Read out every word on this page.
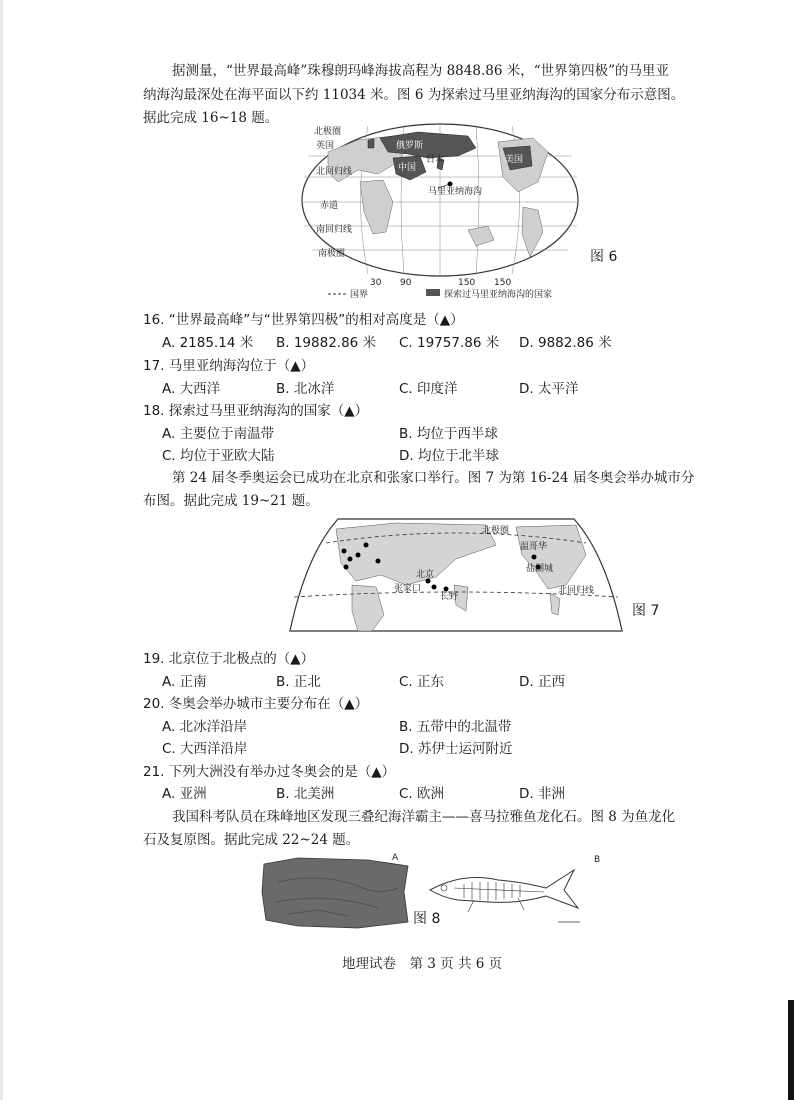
据测量，“世界最高峰”珠穆朗玛峰海拔高程为 8848.86 米，“世界第四极”的马里亚
纳海沟最深处在海平面以下约 11034 米。图 6 为探索过马里亚纳海沟的国家分布示意图。
据此完成 16~18 题。
北极圈
英国	俄罗斯
中国
日本	美国
北回归线
赤道
南回归线
南极圈
马里亚纳海沟
30 90	150 150
国界	探索过马里亚纳海沟的国家
图 6
16. “世界最高峰”与“世界第四极”的相对高度是（▲）
A. 2185.14 米 B. 19882.86 米 C. 19757.86 米 D. 9882.86 米
17. 马里亚纳海沟位于（▲）
A. 大西洋	B. 北冰洋	C. 印度洋	D. 太平洋
18. 探索过马里亚纳海沟的国家（▲）
A. 主要位于南温带	B. 均位于西半球
C. 均位于亚欧大陆	D. 均位于北半球
第 24 届冬季奥运会已成功在北京和张家口举行。图 7 为第 16-24 届冬奥会举办城市分
布图。据此完成 19~21 题。
北极圈
温哥华
盐湖城
北京
张家口
长野
北回归线
图 7
19. 北京位于北极点的（▲）
A. 正南	B. 正北	C. 正东	D. 正西
20. 冬奥会举办城市主要分布在（▲）
A. 北冰洋沿岸	B. 五带中的北温带
C. 大西洋沿岸	D. 苏伊士运河附近
21. 下列大洲没有举办过冬奥会的是（▲）
A. 亚洲	B. 北美洲	C. 欧洲	D. 非洲
我国科考队员在珠峰地区发现三叠纪海洋霸主——喜马拉雅鱼龙化石。图 8 为鱼龙化
石及复原图。据此完成 22~24 题。
A	B
图 8
地理试卷　第 3 页 共 6 页
